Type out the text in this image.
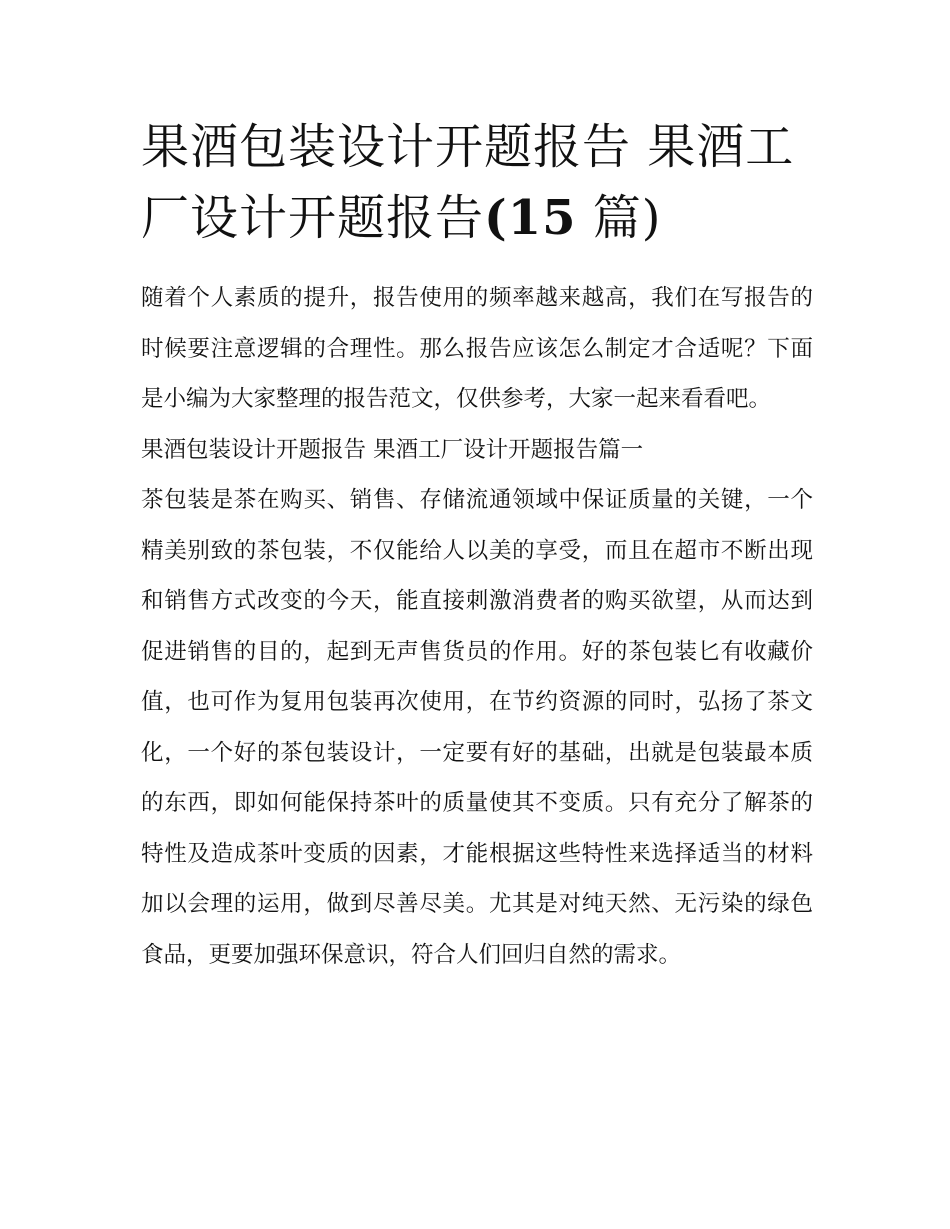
果酒包装设计开题报告 果酒工
厂设计开题报告(15 篇)

随着个人素质的提升，报告使用的频率越来越高，我们在写报告的时候要注意逻辑的合理性。那么报告应该怎么制定才合适呢？下面是小编为大家整理的报告范文，仅供参考，大家一起来看看吧。

果酒包装设计开题报告 果酒工厂设计开题报告篇一

茶包装是茶在购买、销售、存储流通领域中保证质量的关键，一个精美别致的茶包装，不仅能给人以美的享受，而且在超市不断出现和销售方式改变的今天，能直接刺激消费者的购买欲望，从而达到促进销售的目的，起到无声售货员的作用。好的茶包装匕有收藏价值，也可作为复用包装再次使用，在节约资源的同时，弘扬了茶文化，一个好的茶包装设计，一定要有好的基础，出就是包装最本质的东西，即如何能保持茶叶的质量使其不变质。只有充分了解茶的特性及造成茶叶变质的因素，才能根据这些特性来选择适当的材料加以会理的运用，做到尽善尽美。尤其是对纯天然、无污染的绿色食品，更要加强环保意识，符合人们回归自然的需求。
